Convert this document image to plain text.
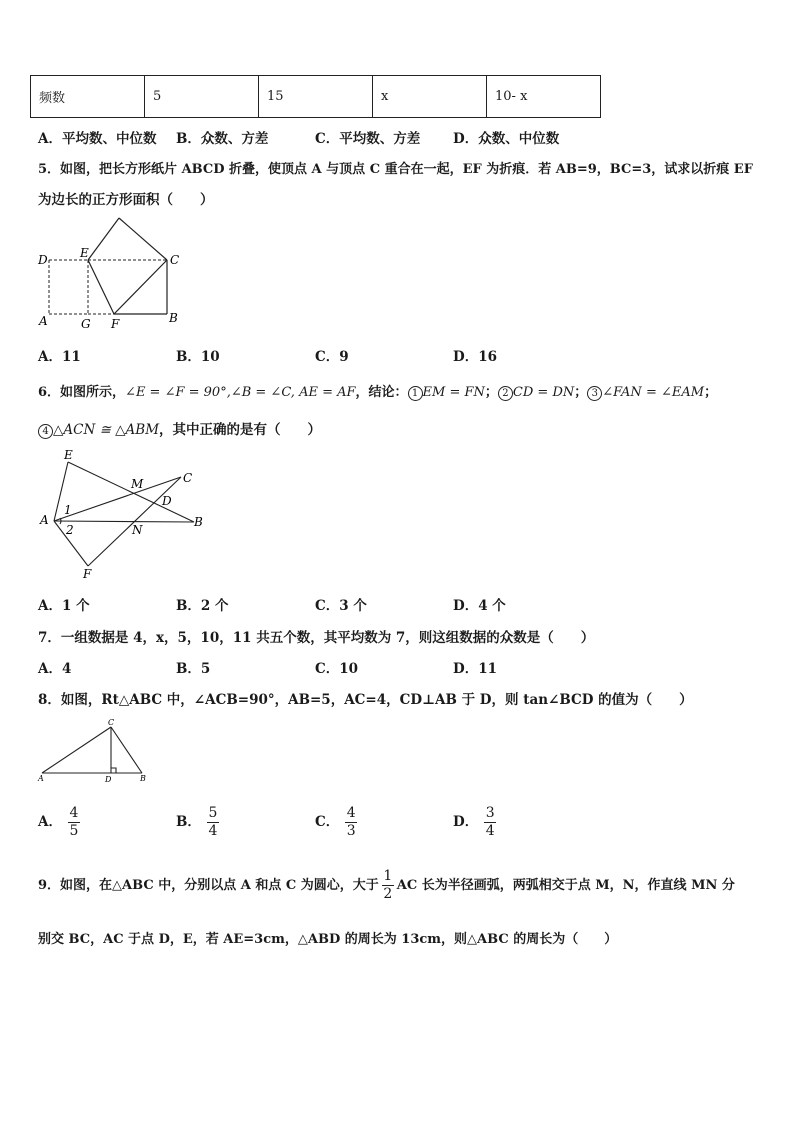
频数	5	15	x	10- x
A．平均数、中位数 B．众数、方差	C．平均数、方差 D．众数、中位数
5．如图，把长方形纸片 ABCD 折叠，使顶点 A 与顶点 C 重合在一起，EF 为折痕．若 AB=9，BC=3，试求以折痕 EF
为边长的正方形面积（　　）
D	E	C
A	G F	B
A．11	B．10	C．9	D．16
6．如图所示，∠E = ∠F = 90°,∠B = ∠C, AE = AF，结论： 1 EM = FN； 2 CD = DN； 3 ∠FAN = ∠EAM；
4 △ACN ≅ △ABM，其中正确的是有（　　）
E
M	C
D
A
1
2	N
B
F
A．1 个	B．2 个	C．3 个	D．4 个
7．一组数据是 4，x，5，10，11 共五个数，其平均数为 7，则这组数据的众数是（　　）
A．4	B．5	C．10	D．11
8．如图，Rt△ABC 中，∠ACB=90°，AB=5，AC=4，CD⊥AB 于 D，则 tan∠BCD 的值为（　　）
C
A	D	B
A． $\frac{4}{5}$	B． $\frac{5}{4}$	C． $\frac{4}{3}$	D． $\frac{3}{4}$
9．如图，在△ABC 中，分别以点 A 和点 C 为圆心，大于 $\frac{1}{2}$ AC 长为半径画弧，两弧相交于点 M，N，作直线 MN 分
别交 BC，AC 于点 D，E，若 AE=3cm，△ABD 的周长为 13cm，则△ABC 的周长为（　　）
